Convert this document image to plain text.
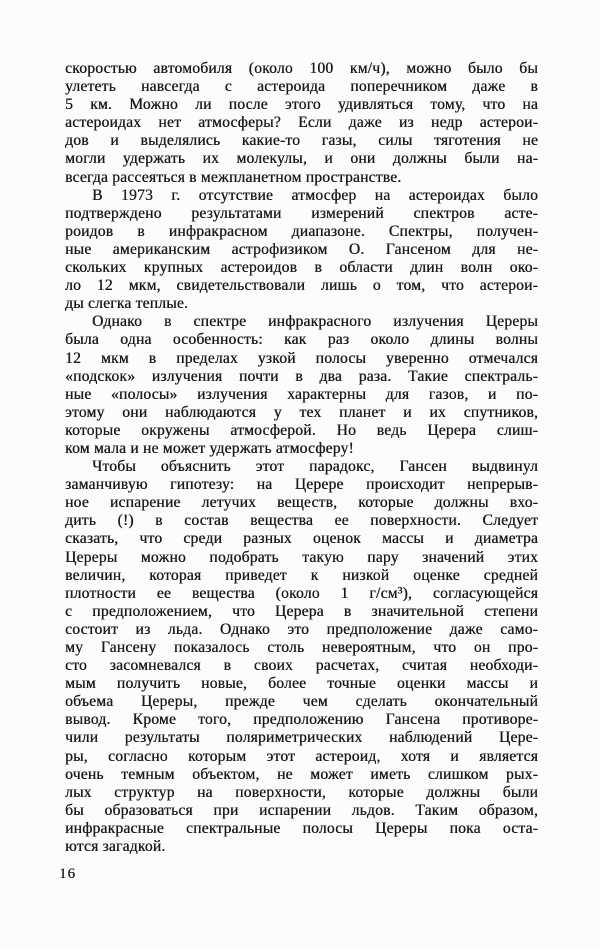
скоростью автомобиля (около 100 км/ч), можно было бы
улететь навсегда с астероида поперечником даже в
5 км. Можно ли после этого удивляться тому, что на
астероидах нет атмосферы? Если даже из недр астерои-
дов и выделялись какие-то газы, силы тяготения не
могли удержать их молекулы, и они должны были на-
всегда рассеяться в межпланетном пространстве.
В 1973 г. отсутствие атмосфер на астероидах было
подтверждено результатами измерений спектров асте-
роидов в инфракрасном диапазоне. Спектры, получен-
ные американским астрофизиком О. Гансеном для не-
скольких крупных астероидов в области длин волн око-
ло 12 мкм, свидетельствовали лишь о том, что астерои-
ды слегка теплые.
Однако в спектре инфракрасного излучения Цереры
была одна особенность: как раз около длины волны
12 мкм в пределах узкой полосы уверенно отмечался
«подскок» излучения почти в два раза. Такие спектраль-
ные «полосы» излучения характерны для газов, и по-
этому они наблюдаются у тех планет и их спутников,
которые окружены атмосферой. Но ведь Церера слиш-
ком мала и не может удержать атмосферу!
Чтобы объяснить этот парадокс, Гансен выдвинул
заманчивую гипотезу: на Церере происходит непрерыв-
ное испарение летучих веществ, которые должны вхо-
дить (!) в состав вещества ее поверхности. Следует
сказать, что среди разных оценок массы и диаметра
Цереры можно подобрать такую пару значений этих
величин, которая приведет к низкой оценке средней
плотности ее вещества (около 1 г/см³), согласующейся
с предположением, что Церера в значительной степени
состоит из льда. Однако это предположение даже само-
му Гансену показалось столь невероятным, что он про-
сто засомневался в своих расчетах, считая необходи-
мым получить новые, более точные оценки массы и
объема Цереры, прежде чем сделать окончательный
вывод. Кроме того, предположению Гансена противоре-
чили результаты поляриметрических наблюдений Цере-
ры, согласно которым этот астероид, хотя и является
очень темным объектом, не может иметь слишком рых-
лых структур на поверхности, которые должны были
бы образоваться при испарении льдов. Таким образом,
инфракрасные спектральные полосы Цереры пока оста-
ются загадкой.
16
